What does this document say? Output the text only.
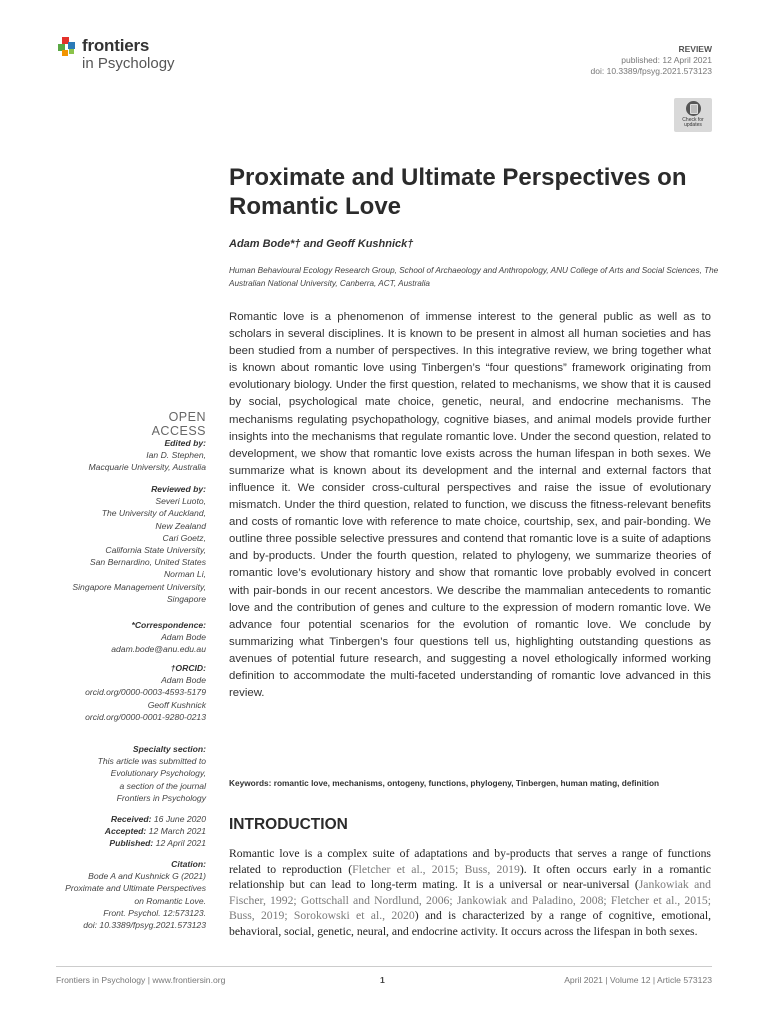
frontiers
in Psychology
REVIEW
published: 12 April 2021
doi: 10.3389/fpsyg.2021.573123
Check for updates
Proximate and Ultimate Perspectives on Romantic Love
Adam Bode*† and Geoff Kushnick†
Human Behavioural Ecology Research Group, School of Archaeology and Anthropology, ANU College of Arts and Social Sciences, The Australian National University, Canberra, ACT, Australia

Romantic love is a phenomenon of immense interest to the general public as well as to scholars in several disciplines. It is known to be present in almost all human societies and has been studied from a number of perspectives. In this integrative review, we bring together what is known about romantic love using Tinbergen’s “four questions” framework originating from evolutionary biology. Under the first question, related to mechanisms, we show that it is caused by social, psychological mate choice, genetic, neural, and endocrine mechanisms. The mechanisms regulating psychopathology, cognitive biases, and animal models provide further insights into the mechanisms that regulate romantic love. Under the second question, related to development, we show that romantic love exists across the human lifespan in both sexes. We summarize what is known about its development and the internal and external factors that influence it. We consider cross-cultural perspectives and raise the issue of evolutionary mismatch. Under the third question, related to function, we discuss the fitness-relevant benefits and costs of romantic love with reference to mate choice, courtship, sex, and pair-bonding. We outline three possible selective pressures and contend that romantic love is a suite of adaptions and by-products. Under the fourth question, related to phylogeny, we summarize theories of romantic love’s evolutionary history and show that romantic love probably evolved in concert with pair-bonds in our recent ancestors. We describe the mammalian antecedents to romantic love and the contribution of genes and culture to the expression of modern romantic love. We advance four potential scenarios for the evolution of romantic love. We conclude by summarizing what Tinbergen’s four questions tell us, highlighting outstanding questions as avenues of potential future research, and suggesting a novel ethologically informed working definition to accommodate the multi-faceted understanding of romantic love advanced in this review.

Keywords: romantic love, mechanisms, ontogeny, functions, phylogeny, Tinbergen, human mating, definition
INTRODUCTION

Romantic love is a complex suite of adaptations and by-products that serves a range of functions related to reproduction (Fletcher et al., 2015; Buss, 2019). It often occurs early in a romantic relationship but can lead to long-term mating. It is a universal or near-universal (Jankowiak and Fischer, 1992; Gottschall and Nordlund, 2006; Jankowiak and Paladino, 2008; Fletcher et al., 2015; Buss, 2019; Sorokowski et al., 2020) and is characterized by a range of cognitive, emotional, behavioral, social, genetic, neural, and endocrine activity. It occurs across the lifespan in both sexes.

OPEN ACCESS
Edited by:
Ian D. Stephen,
Macquarie University, Australia
Reviewed by:
Severi Luoto,
The University of Auckland,
New Zealand
Cari Goetz,
California State University,
San Bernardino, United States
Norman Li,
Singapore Management University,
Singapore
*Correspondence:
Adam Bode
adam.bode@anu.edu.au
†ORCID:
Adam Bode
orcid.org/0000-0003-4593-5179
Geoff Kushnick
orcid.org/0000-0001-9280-0213
Specialty section:
This article was submitted to
Evolutionary Psychology,
a section of the journal
Frontiers in Psychology
Received: 16 June 2020
Accepted: 12 March 2021
Published: 12 April 2021
Citation:
Bode A and Kushnick G (2021)
Proximate and Ultimate Perspectives
on Romantic Love.
Front. Psychol. 12:573123.
doi: 10.3389/fpsyg.2021.573123
Frontiers in Psychology | www.frontiersin.org	1	April 2021 | Volume 12 | Article 573123
